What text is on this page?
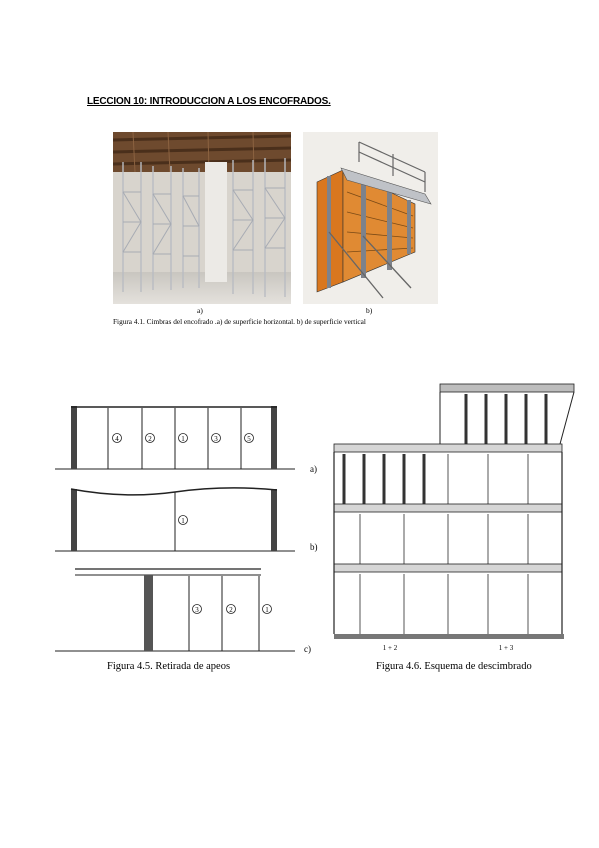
LECCION 10: INTRODUCCION A LOS ENCOFRADOS.
a)	b)
Figura 4.1. Cimbras del encofrado .a) de superficie horizontal. b) de superficie vertical
4	2	1	3	5
1
3	2	1
Figura 4.5. Retirada de apeos
a)
b)
c)	1 + 2	1 + 3
Figura 4.6. Esquema de descimbrado
